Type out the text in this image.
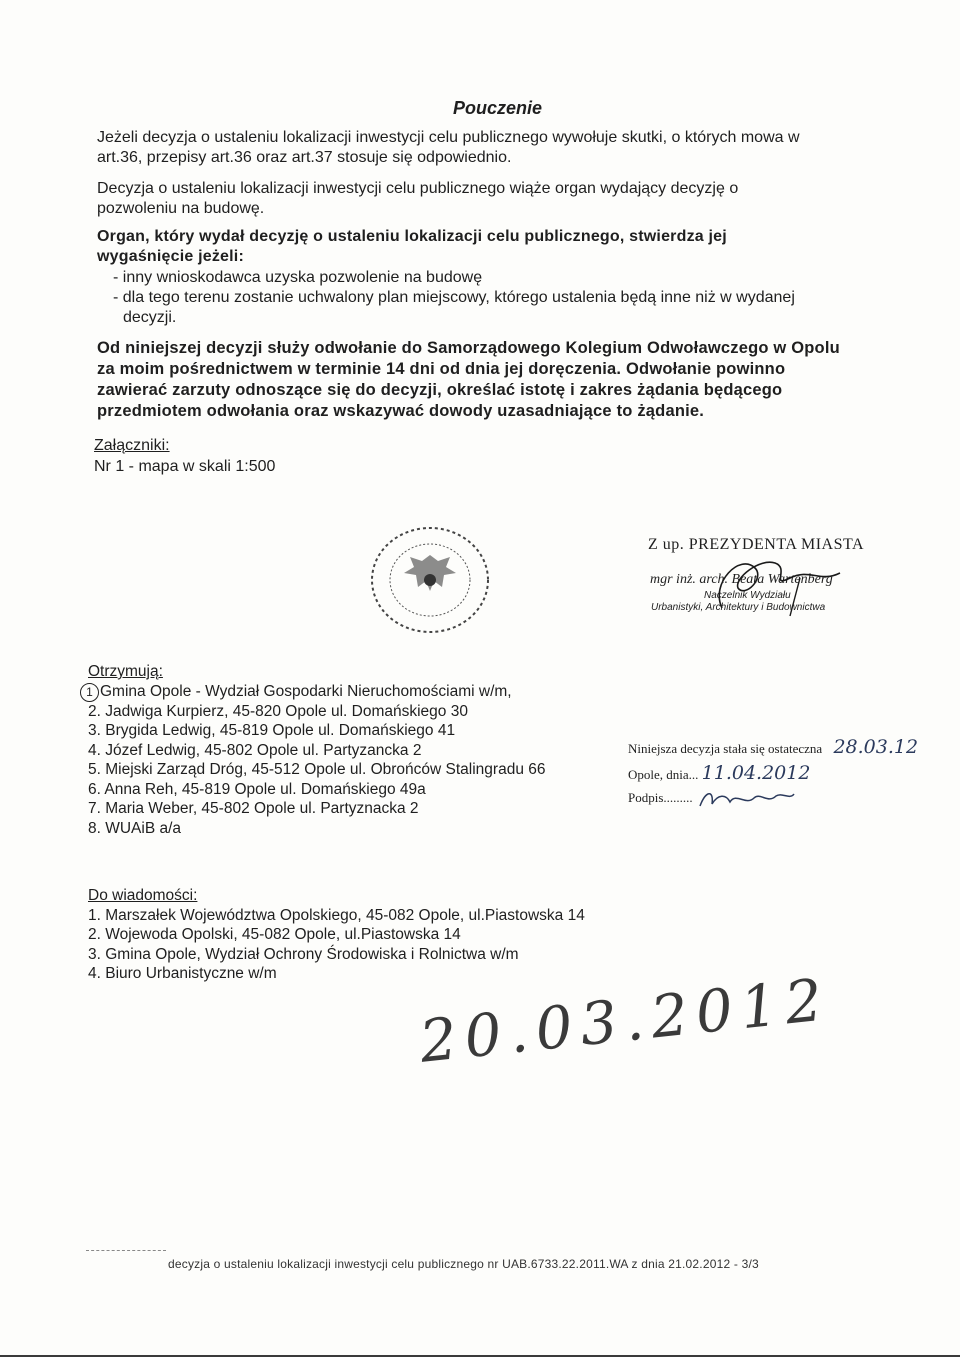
Pouczenie
Jeżeli decyzja o ustaleniu lokalizacji inwestycji celu publicznego wywołuje skutki, o których mowa w
art.36, przepisy art.36 oraz art.37 stosuje się odpowiednio.
Decyzja o ustaleniu lokalizacji inwestycji celu publicznego wiąże organ wydający decyzję o
pozwoleniu na budowę.
Organ, który wydał decyzję o ustaleniu lokalizacji celu publicznego, stwierdza jej
wygaśnięcie jeżeli:
- inny wnioskodawca uzyska pozwolenie na budowę
- dla tego terenu zostanie uchwalony plan miejscowy, którego ustalenia będą inne niż w wydanej
decyzji.
Od niniejszej decyzji służy odwołanie do Samorządowego Kolegium Odwoławczego w Opolu
za moim pośrednictwem w terminie 14 dni od dnia jej doręczenia. Odwołanie powinno
zawierać zarzuty odnoszące się do decyzji, określać istotę i zakres żądania będącego
przedmiotem odwołania oraz wskazywać dowody uzasadniające to żądanie.
Załączniki:
Nr 1 - mapa w skali 1:500
Z up. PREZYDENTA MIASTA
mgr inż. arch. Beata Wartenberg
Naczelnik Wydziału
Urbanistyki, Architektury i Budownictwa
Otrzymują:
1 Gmina Opole - Wydział Gospodarki Nieruchomościami w/m,
2. Jadwiga Kurpierz, 45-820 Opole ul. Domańskiego 30
3. Brygida Ledwig, 45-819 Opole ul. Domańskiego 41
4. Józef Ledwig, 45-802 Opole ul. Partyzancka 2
5. Miejski Zarząd Dróg, 45-512 Opole ul. Obrońców Stalingradu 66
6. Anna Reh, 45-819 Opole ul. Domańskiego 49a
7. Maria Weber, 45-802 Opole ul. Partyznacka 2
8. WUAiB a/a
Niniejsza decyzja stała się ostateczna 28.03.12
Opole, dnia... 11.04.2012
Podpis.........
Do wiadomości:
1. Marszałek Województwa Opolskiego, 45-082 Opole, ul.Piastowska 14
2. Wojewoda Opolski, 45-082 Opole, ul.Piastowska 14
3. Gmina Opole, Wydział Ochrony Środowiska i Rolnictwa w/m
4. Biuro Urbanistyczne w/m	20.03.2012
decyzja o ustaleniu lokalizacji inwestycji celu publicznego nr UAB.6733.22.2011.WA z dnia 21.02.2012 - 3/3
